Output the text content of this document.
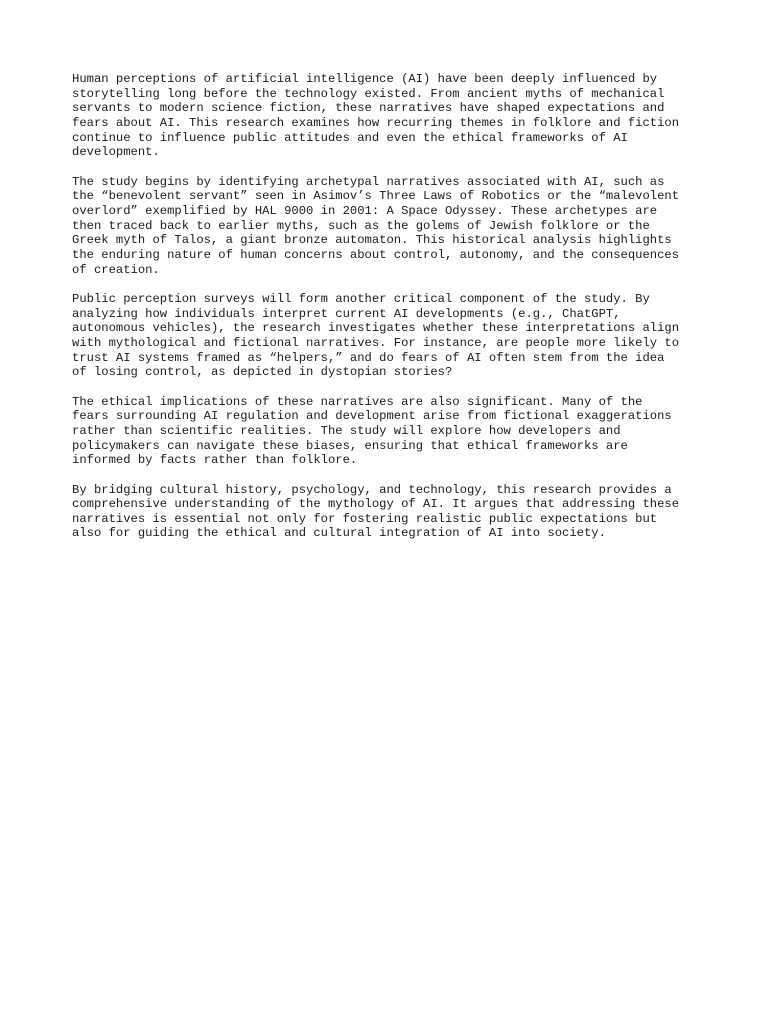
Human perceptions of artificial intelligence (AI) have been deeply influenced by
storytelling long before the technology existed. From ancient myths of mechanical
servants to modern science fiction, these narratives have shaped expectations and
fears about AI. This research examines how recurring themes in folklore and fiction
continue to influence public attitudes and even the ethical frameworks of AI
development.

The study begins by identifying archetypal narratives associated with AI, such as
the “benevolent servant” seen in Asimov’s Three Laws of Robotics or the “malevolent
overlord” exemplified by HAL 9000 in 2001: A Space Odyssey. These archetypes are
then traced back to earlier myths, such as the golems of Jewish folklore or the
Greek myth of Talos, a giant bronze automaton. This historical analysis highlights
the enduring nature of human concerns about control, autonomy, and the consequences
of creation.

Public perception surveys will form another critical component of the study. By
analyzing how individuals interpret current AI developments (e.g., ChatGPT,
autonomous vehicles), the research investigates whether these interpretations align
with mythological and fictional narratives. For instance, are people more likely to
trust AI systems framed as “helpers,” and do fears of AI often stem from the idea
of losing control, as depicted in dystopian stories?

The ethical implications of these narratives are also significant. Many of the
fears surrounding AI regulation and development arise from fictional exaggerations
rather than scientific realities. The study will explore how developers and
policymakers can navigate these biases, ensuring that ethical frameworks are
informed by facts rather than folklore.

By bridging cultural history, psychology, and technology, this research provides a
comprehensive understanding of the mythology of AI. It argues that addressing these
narratives is essential not only for fostering realistic public expectations but
also for guiding the ethical and cultural integration of AI into society.
